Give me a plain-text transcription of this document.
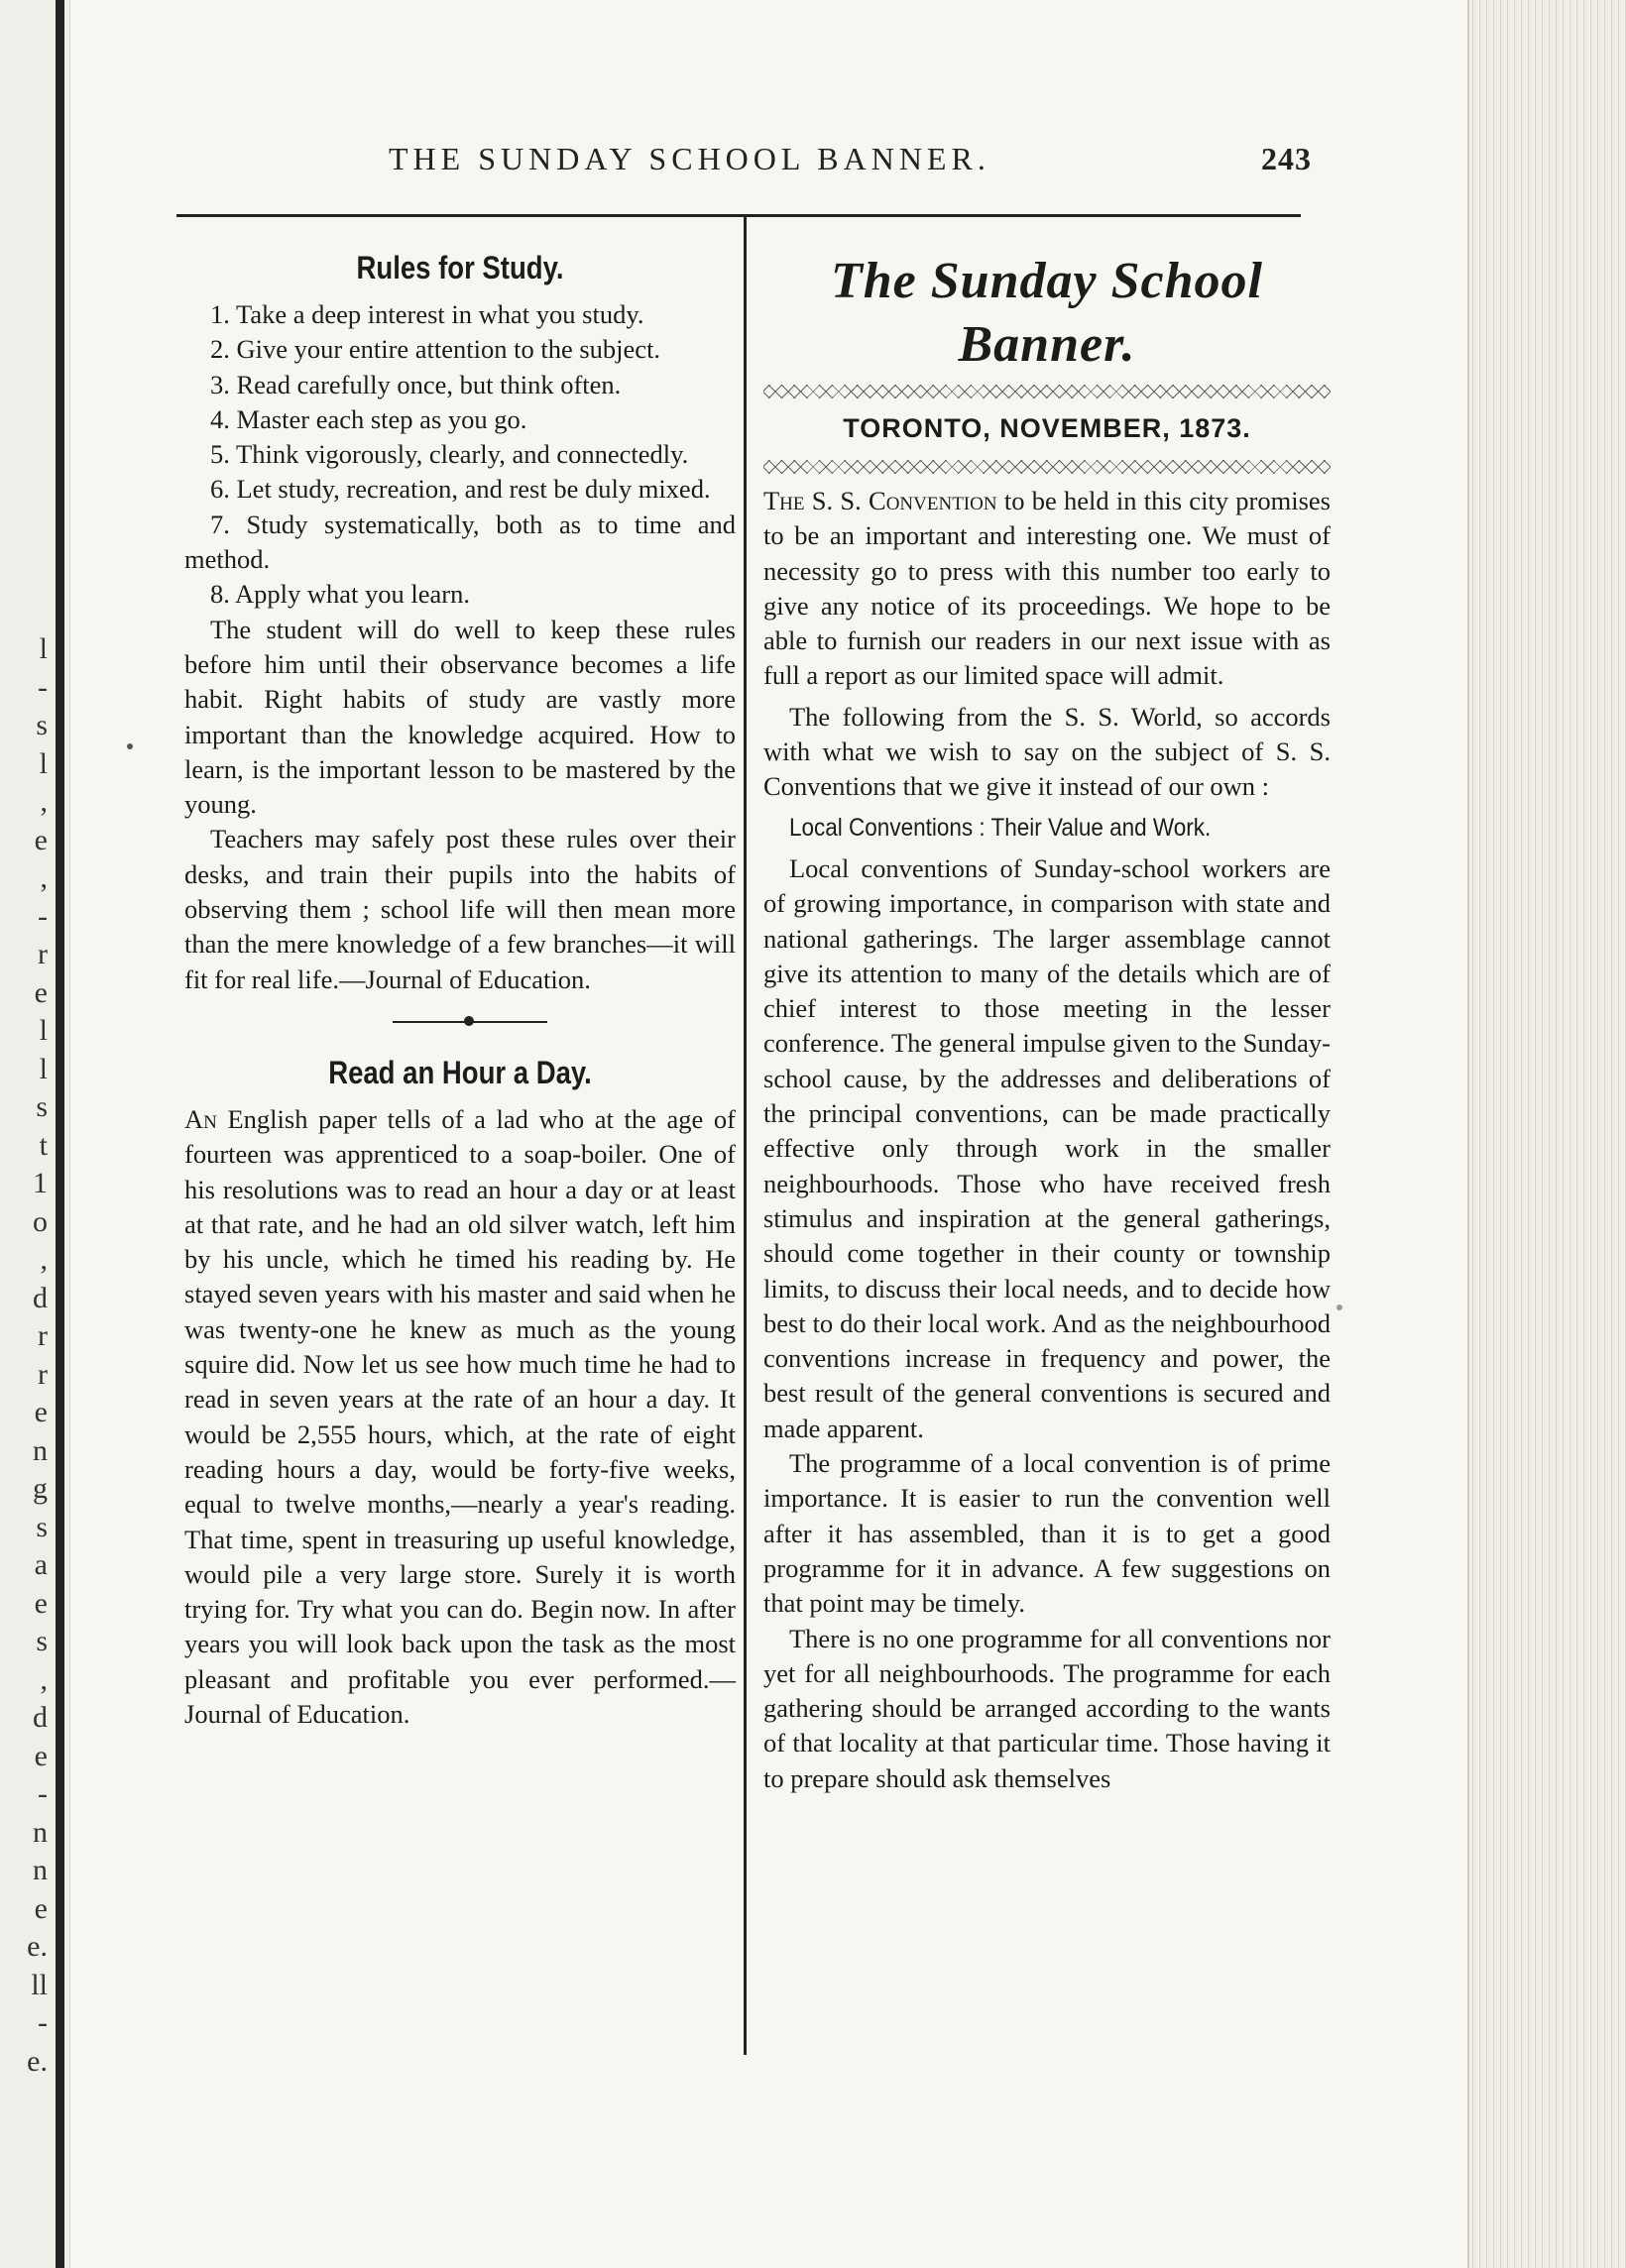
l
-
s
l
,
e
,
-
r
e
l
l
s
t
1
o
,
d
r
r
e
n
g
s
a
e
s
,
d
e
-
n
n
e
e.
ll
-
e.
THE SUNDAY SCHOOL BANNER.	243
Rules for Study.

1. Take a deep interest in what you study.

2. Give your entire attention to the subject.

3. Read carefully once, but think often.

4. Master each step as you go.

5. Think vigorously, clearly, and connectedly.

6. Let study, recreation, and rest be duly mixed.

7. Study systematically, both as to time and method.

8. Apply what you learn.

The student will do well to keep these rules before him until their observance becomes a life habit. Right habits of study are vastly more important than the knowledge acquired. How to learn, is the important lesson to be mastered by the young.

Teachers may safely post these rules over their desks, and train their pupils into the habits of observing them ; school life will then mean more than the mere knowledge of a few branches—it will fit for real life.—Journal of Education.

Read an Hour a Day.

An English paper tells of a lad who at the age of fourteen was apprenticed to a soap-boiler. One of his resolutions was to read an hour a day or at least at that rate, and he had an old silver watch, left him by his uncle, which he timed his reading by. He stayed seven years with his master and said when he was twenty-one he knew as much as the young squire did. Now let us see how much time he had to read in seven years at the rate of an hour a day. It would be 2,555 hours, which, at the rate of eight reading hours a day, would be forty-five weeks, equal to twelve months,—nearly a year's reading. That time, spent in treasuring up useful knowledge, would pile a very large store. Surely it is worth trying for. Try what you can do. Begin now. In after years you will look back upon the task as the most pleasant and profitable you ever performed.—Journal of Education.

The Sunday School Banner.
TORONTO, NOVEMBER, 1873.

The S. S. Convention to be held in this city promises to be an important and interesting one. We must of necessity go to press with this number too early to give any notice of its proceedings. We hope to be able to furnish our readers in our next issue with as full a report as our limited space will admit.

The following from the S. S. World, so accords with what we wish to say on the subject of S. S. Conventions that we give it instead of our own :

Local Conventions : Their Value and Work.

Local conventions of Sunday-school workers are of growing importance, in comparison with state and national gatherings. The larger assemblage cannot give its attention to many of the details which are of chief interest to those meeting in the lesser conference. The general impulse given to the Sunday-school cause, by the addresses and deliberations of the principal conventions, can be made practically effective only through work in the smaller neighbourhoods. Those who have received fresh stimulus and inspiration at the general gatherings, should come together in their county or township limits, to discuss their local needs, and to decide how best to do their local work. And as the neighbourhood conventions increase in frequency and power, the best result of the general conventions is secured and made apparent.

The programme of a local convention is of prime importance. It is easier to run the convention well after it has assembled, than it is to get a good programme for it in advance. A few suggestions on that point may be timely.

There is no one programme for all conventions nor yet for all neighbourhoods. The programme for each gathering should be arranged according to the wants of that locality at that particular time. Those having it to prepare should ask themselves
